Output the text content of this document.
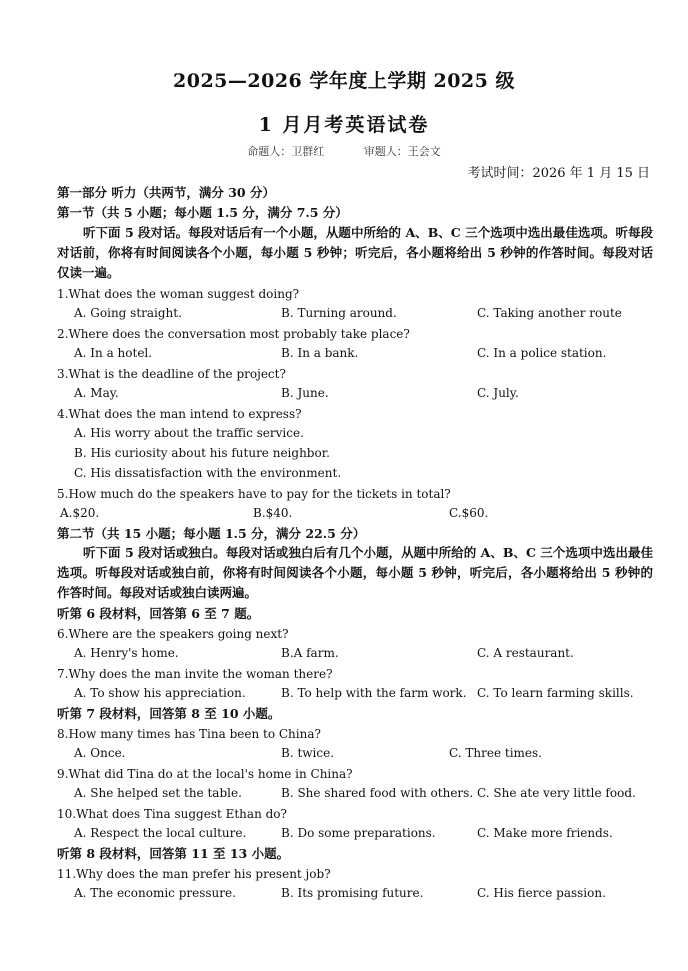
2025—2026 学年度上学期 2025 级
1 月月考英语试卷
命题人：卫群红	审题人：王会文
考试时间：2026 年 1 月 15 日
第一部分 听力（共两节，满分 30 分）
第一节（共 5 小题；每小题 1.5 分，满分 7.5 分）
听下面 5 段对话。每段对话后有一个小题，从题中所给的 A、B、C 三个选项中选出最佳选项。听每段对话前，你将有时间阅读各个小题，每小题 5 秒钟；听完后，各小题将给出 5 秒钟的作答时间。每段对话仅读一遍。
1.What does the woman suggest doing?
A. Going straight.	B. Turning around.	C. Taking another route
2.Where does the conversation most probably take place?
A. In a hotel.	B. In a bank.	C. In a police station.
3.What is the deadline of the project?
A. May.	B. June.	C. July.
4.What does the man intend to express?
A. His worry about the traffic service.
B. His curiosity about his future neighbor.
C. His dissatisfaction with the environment.
5.How much do the speakers have to pay for the tickets in total?
A.$20.	B.$40.	C.$60.
第二节（共 15 小题；每小题 1.5 分，满分 22.5 分）
听下面 5 段对话或独白。每段对话或独白后有几个小题，从题中所给的 A、B、C 三个选项中选出最佳选项。听每段对话或独白前，你将有时间阅读各个小题，每小题 5 秒钟，听完后，各小题将给出 5 秒钟的作答时间。每段对话或独白读两遍。
听第 6 段材料，回答第 6 至 7 题。
6.Where are the speakers going next?
A. Henry's home.	B.A farm.	C. A restaurant.
7.Why does the man invite the woman there?
A. To show his appreciation.	B. To help with the farm work. C. To learn farming skills.
听第 7 段材料，回答第 8 至 10 小题。
8.How many times has Tina been to China?
A. Once.	B. twice.	C. Three times.
9.What did Tina do at the local's home in China?
A. She helped set the table.	B. She shared food with others. C. She ate very little food.
10.What does Tina suggest Ethan do?
A. Respect the local culture.	B. Do some preparations.	C. Make more friends.
听第 8 段材料，回答第 11 至 13 小题。
11.Why does the man prefer his present job?
A. The economic pressure.	B. Its promising future.	C. His fierce passion.
